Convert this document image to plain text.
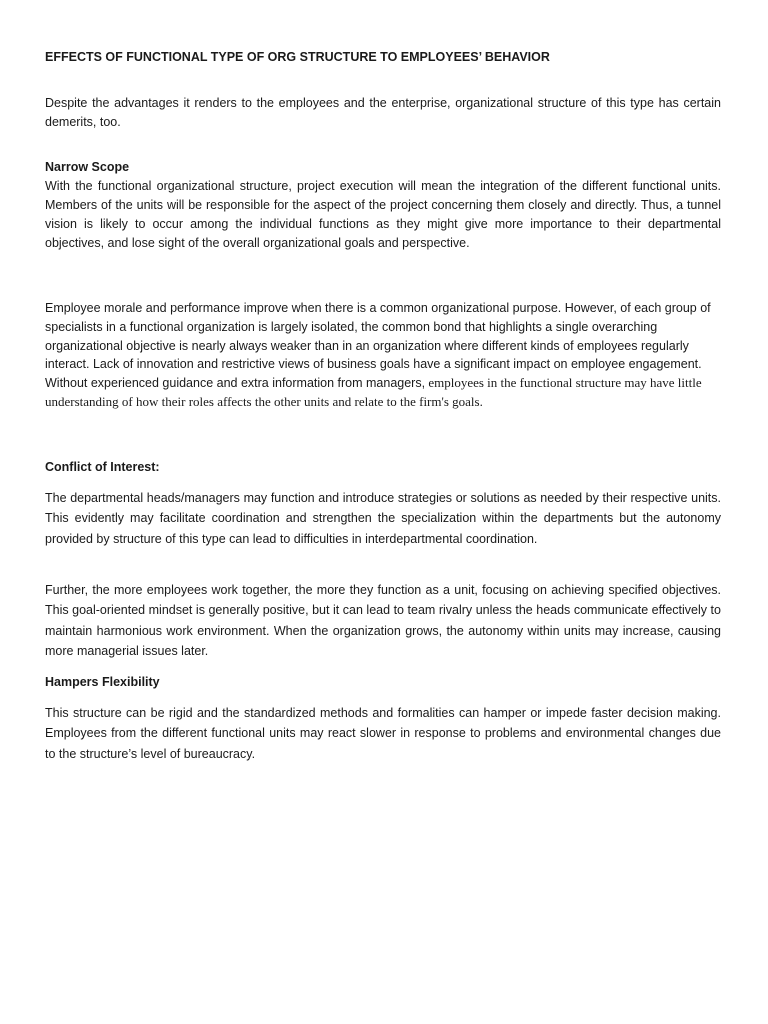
EFFECTS OF FUNCTIONAL TYPE OF ORG STRUCTURE TO EMPLOYEES’ BEHAVIOR

Despite the advantages it renders to the employees and the enterprise, organizational structure of this type has certain demerits, too.

Narrow Scope

With the functional organizational structure, project execution will mean the integration of the different functional units. Members of the units will be responsible for the aspect of the project concerning them closely and directly. Thus, a tunnel vision is likely to occur among the individual functions as they might give more importance to their departmental objectives, and lose sight of the overall organizational goals and perspective.

Employee morale and performance improve when there is a common organizational purpose. However, of each group of specialists in a functional organization is largely isolated, the common bond that highlights a single overarching organizational objective is nearly always weaker than in an organization where different kinds of employees regularly interact. Lack of innovation and restrictive views of business goals have a significant impact on employee engagement. Without experienced guidance and extra information from managers, employees in the functional structure may have little understanding of how their roles affects the other units and relate to the firm's goals.

Conflict of Interest:

The departmental heads/managers may function and introduce strategies or solutions as needed by their respective units. This evidently may facilitate coordination and strengthen the specialization within the departments but the autonomy provided by structure of this type can lead to difficulties in interdepartmental coordination.

Further, the more employees work together, the more they function as a unit, focusing on achieving specified objectives. This goal-oriented mindset is generally positive, but it can lead to team rivalry unless the heads communicate effectively to maintain harmonious work environment. When the organization grows, the autonomy within units may increase, causing more managerial issues later.

Hampers Flexibility

This structure can be rigid and the standardized methods and formalities can hamper or impede faster decision making. Employees from the different functional units may react slower in response to problems and environmental changes due to the structure’s level of bureaucracy.
